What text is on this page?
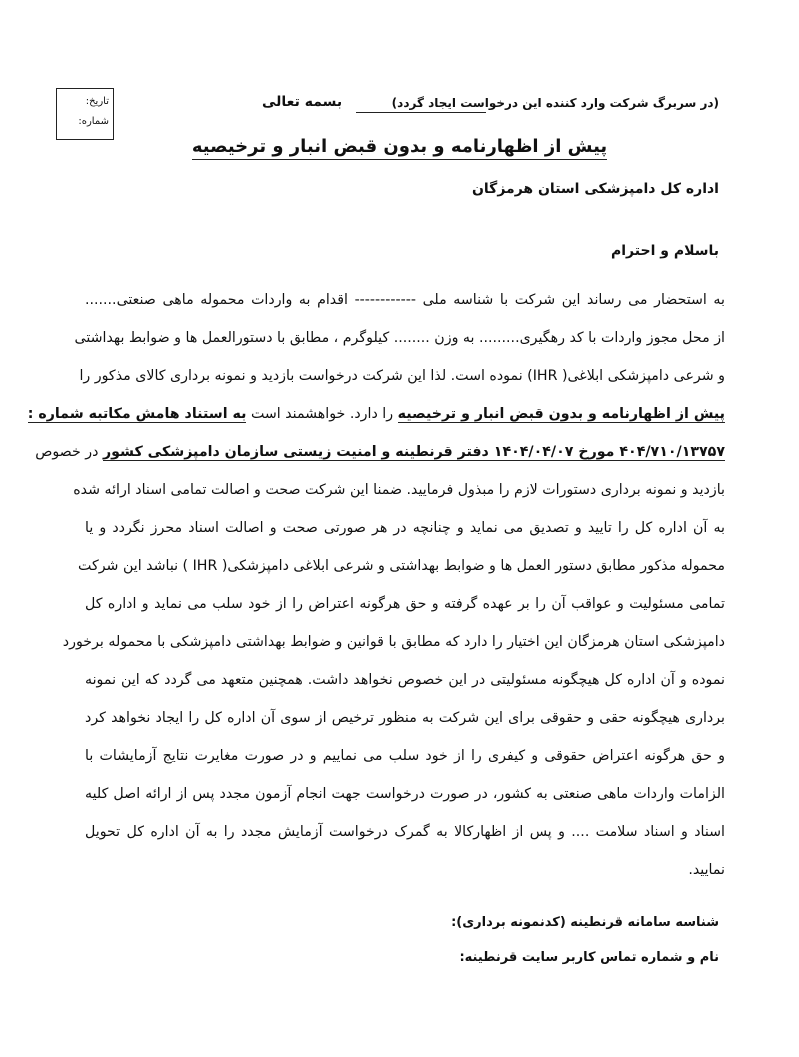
تاریخ:
شماره:
بسمه تعالی	(در سربرگ شرکت وارد کننده این درخواست ایجاد گردد)
پیش از اظهارنامه و بدون قبض انبار و ترخیصیه
اداره کل دامپزشکی استان هرمزگان
باسلام و احترام
به استحضار می رساند این شرکت با شناسه ملی ------------ اقدام به واردات محموله ماهی صنعتی.......
از محل مجوز واردات با کد رهگیری......... به وزن ........ کیلوگرم ، مطابق با دستورالعمل ها و ضوابط بهداشتی
و شرعی دامپزشکی ابلاغی( IHR) نموده است. لذا این شرکت درخواست بازدید و نمونه برداری کالای مذکور را
پیش از اظهارنامه و بدون قبض انبار و ترخیصیه را دارد. خواهشمند است به استناد هامش مکاتبه شماره :
۴۰۴/۷۱۰/۱۳۷۵۷ مورخ ۱۴۰۴/۰۴/۰۷ دفتر قرنطینه و امنیت زیستی سازمان دامپزشکی کشور در خصوص
بازدید و نمونه برداری دستورات لازم را مبذول فرمایید. ضمنا این شرکت صحت و اصالت تمامی اسناد ارائه شده
به آن اداره کل را تایید و تصدیق می نماید و چنانچه در هر صورتی صحت و اصالت اسناد محرز نگردد و یا
محموله مذکور مطابق دستور العمل ها و ضوابط بهداشتی و شرعی ابلاغی دامپزشکی( IHR ) نباشد این شرکت
تمامی مسئولیت و عواقب آن را بر عهده گرفته و حق هرگونه اعتراض را از خود سلب می نماید و اداره کل
دامپزشکی استان هرمزگان این اختیار را دارد که مطابق با قوانین و ضوابط بهداشتی دامپزشکی با محموله برخورد
نموده و آن اداره کل هیچگونه مسئولیتی در این خصوص نخواهد داشت. همچنین متعهد می گردد که این نمونه
برداری هیچگونه حقی و حقوقی برای این شرکت به منظور ترخیص از سوی آن اداره کل را ایجاد نخواهد کرد
و حق هرگونه اعتراض حقوقی و کیفری را از خود سلب می نماییم و در صورت مغایرت نتایج آزمایشات با
الزامات واردات ماهی صنعتی به کشور، در صورت درخواست جهت انجام آزمون مجدد پس از ارائه اصل کلیه
اسناد و اسناد سلامت .... و پس از اظهارکالا به گمرک درخواست آزمایش مجدد را به آن اداره کل تحویل
نمایید.
شناسه سامانه قرنطینه (کدنمونه برداری):
نام و شماره تماس کاربر سایت قرنطینه:
